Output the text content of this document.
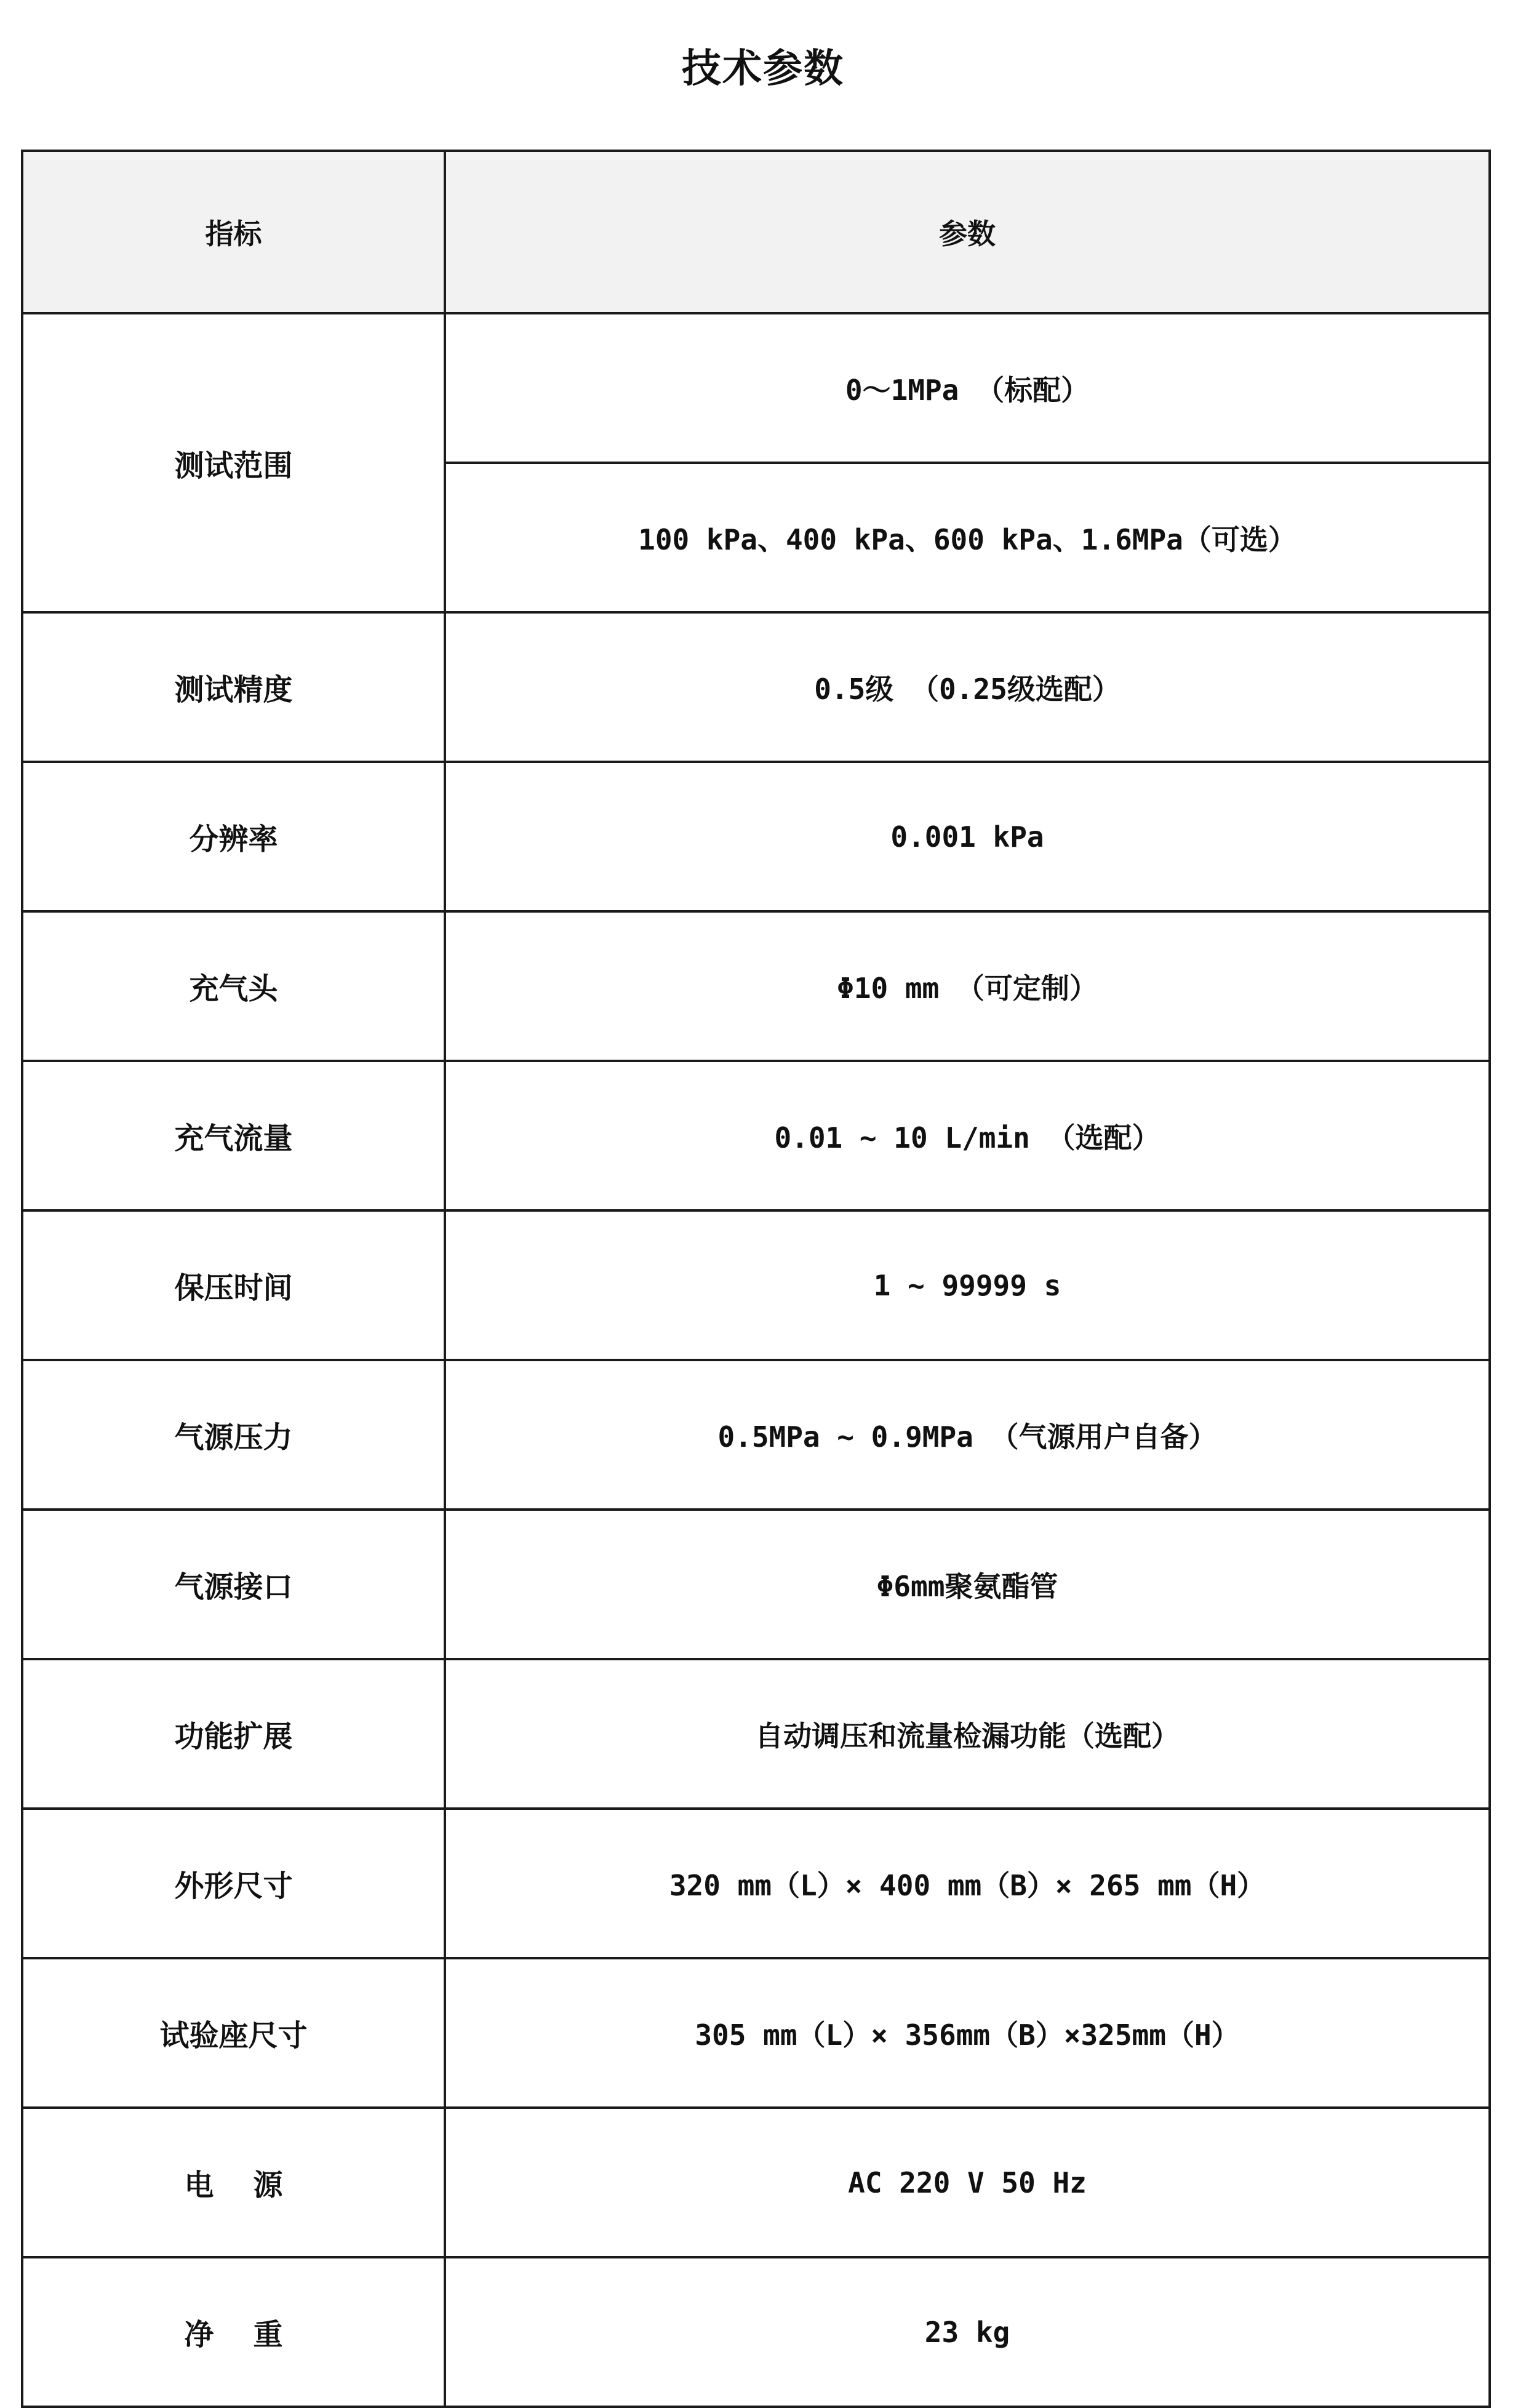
技术参数
指标	参数
测试范围	0～1MPa （标配）
	100 kPa、400 kPa、600 kPa、1.6MPa（可选）
测试精度	0.5级 （0.25级选配）
分辨率	0.001 kPa
充气头	Φ10 mm （可定制）
充气流量	0.01 ~ 10 L/min （选配）
保压时间	1 ~ 99999 s
气源压力	0.5MPa ~ 0.9MPa （气源用户自备）
气源接口	Φ6mm聚氨酯管
功能扩展	自动调压和流量检漏功能（选配）
外形尺寸	320 mm（L）× 400 mm（B）× 265 mm（H）
试验座尺寸	305 mm（L）× 356mm（B）×325mm（H）
电源	AC 220 V 50 Hz
净重	23 kg
